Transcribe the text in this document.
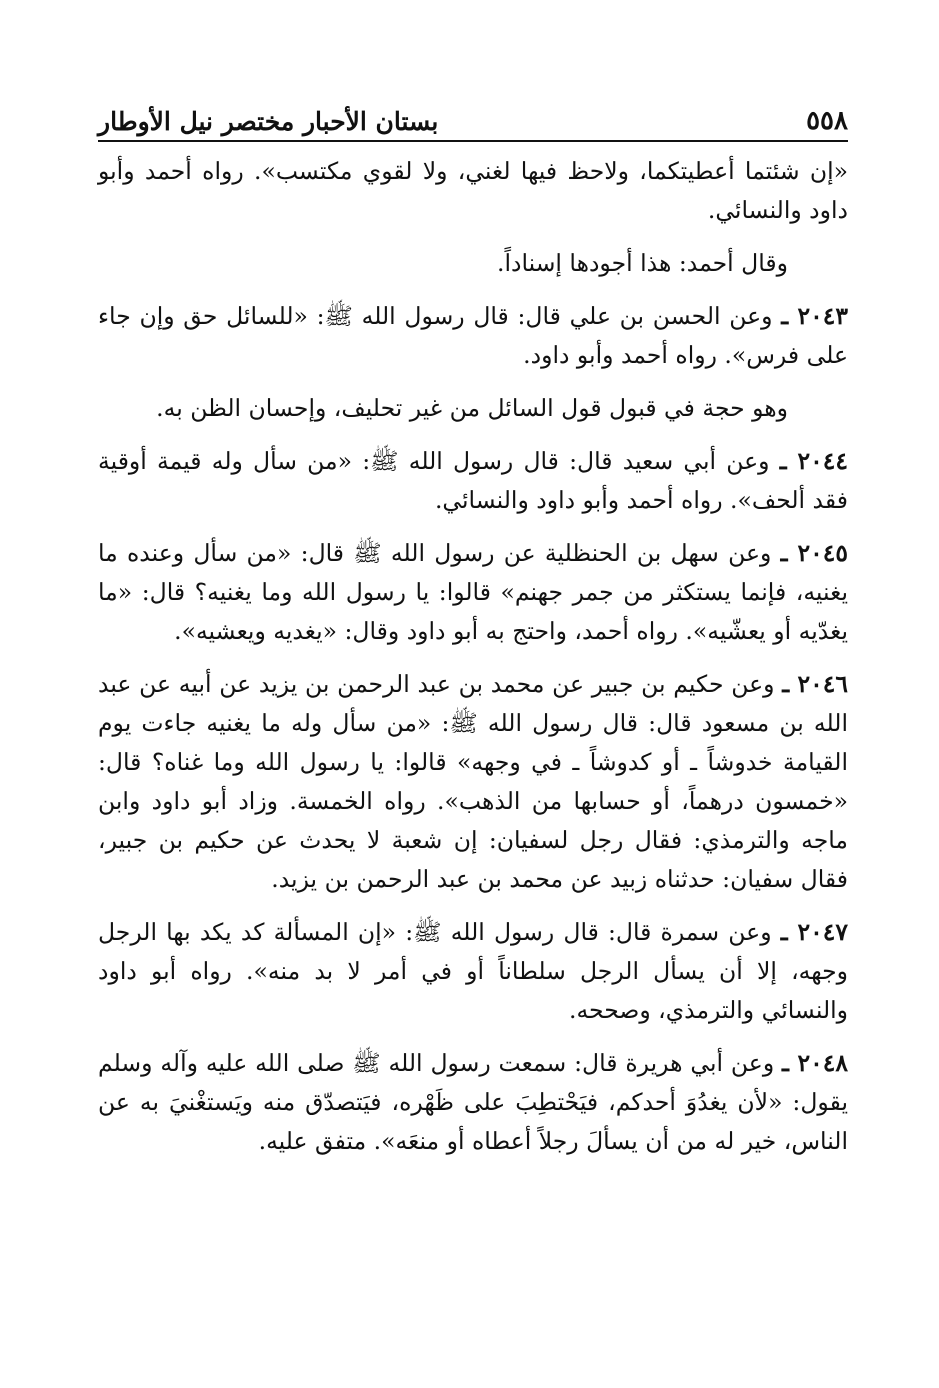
٥٥٨
بستان الأحبار مختصر نيل الأوطار

«إن شئتما أعطيتكما، ولاحظ فيها لغني، ولا لقوي مكتسب». رواه أحمد وأبو داود والنسائي.

وقال أحمد: هذا أجودها إسناداً.

٢٠٤٣ ـ وعن الحسن بن علي قال: قال رسول الله ﷺ: «للسائل حق وإن جاء على فرس». رواه أحمد وأبو داود.

وهو حجة في قبول قول السائل من غير تحليف، وإحسان الظن به.

٢٠٤٤ ـ وعن أبي سعيد قال: قال رسول الله ﷺ: «من سأل وله قيمة أوقية فقد ألحف». رواه أحمد وأبو داود والنسائي.

٢٠٤٥ ـ وعن سهل بن الحنظلية عن رسول الله ﷺ قال: «من سأل وعنده ما يغنيه، فإنما يستكثر من جمر جهنم» قالوا: يا رسول الله وما يغنيه؟ قال: «ما يغدّيه أو يعشّيه». رواه أحمد، واحتج به أبو داود وقال: «يغديه ويعشيه».

٢٠٤٦ ـ وعن حكيم بن جبير عن محمد بن عبد الرحمن بن يزيد عن أبيه عن عبد الله بن مسعود قال: قال رسول الله ﷺ: «من سأل وله ما يغنيه جاءت يوم القيامة خدوشاً ـ أو كدوشاً ـ في وجهه» قالوا: يا رسول الله وما غناه؟ قال: «خمسون درهماً، أو حسابها من الذهب». رواه الخمسة. وزاد أبو داود وابن ماجه والترمذي: فقال رجل لسفيان: إن شعبة لا يحدث عن حكيم بن جبير، فقال سفيان: حدثناه زبيد عن محمد بن عبد الرحمن بن يزيد.

٢٠٤٧ ـ وعن سمرة قال: قال رسول الله ﷺ: «إن المسألة كد يكد بها الرجل وجهه، إلا أن يسأل الرجل سلطاناً أو في أمر لا بد منه». رواه أبو داود والنسائي والترمذي، وصححه.

٢٠٤٨ ـ وعن أبي هريرة قال: سمعت رسول الله ﷺ صلى الله عليه وآله وسلم يقول: «لأن يغدُوَ أحدكم، فيَحْتطِبَ على ظَهْره، فيَتصدّق منه ويَستغْنيَ به عن الناس، خير له من أن يسألَ رجلاً أعطاه أو منعَه». متفق عليه.
